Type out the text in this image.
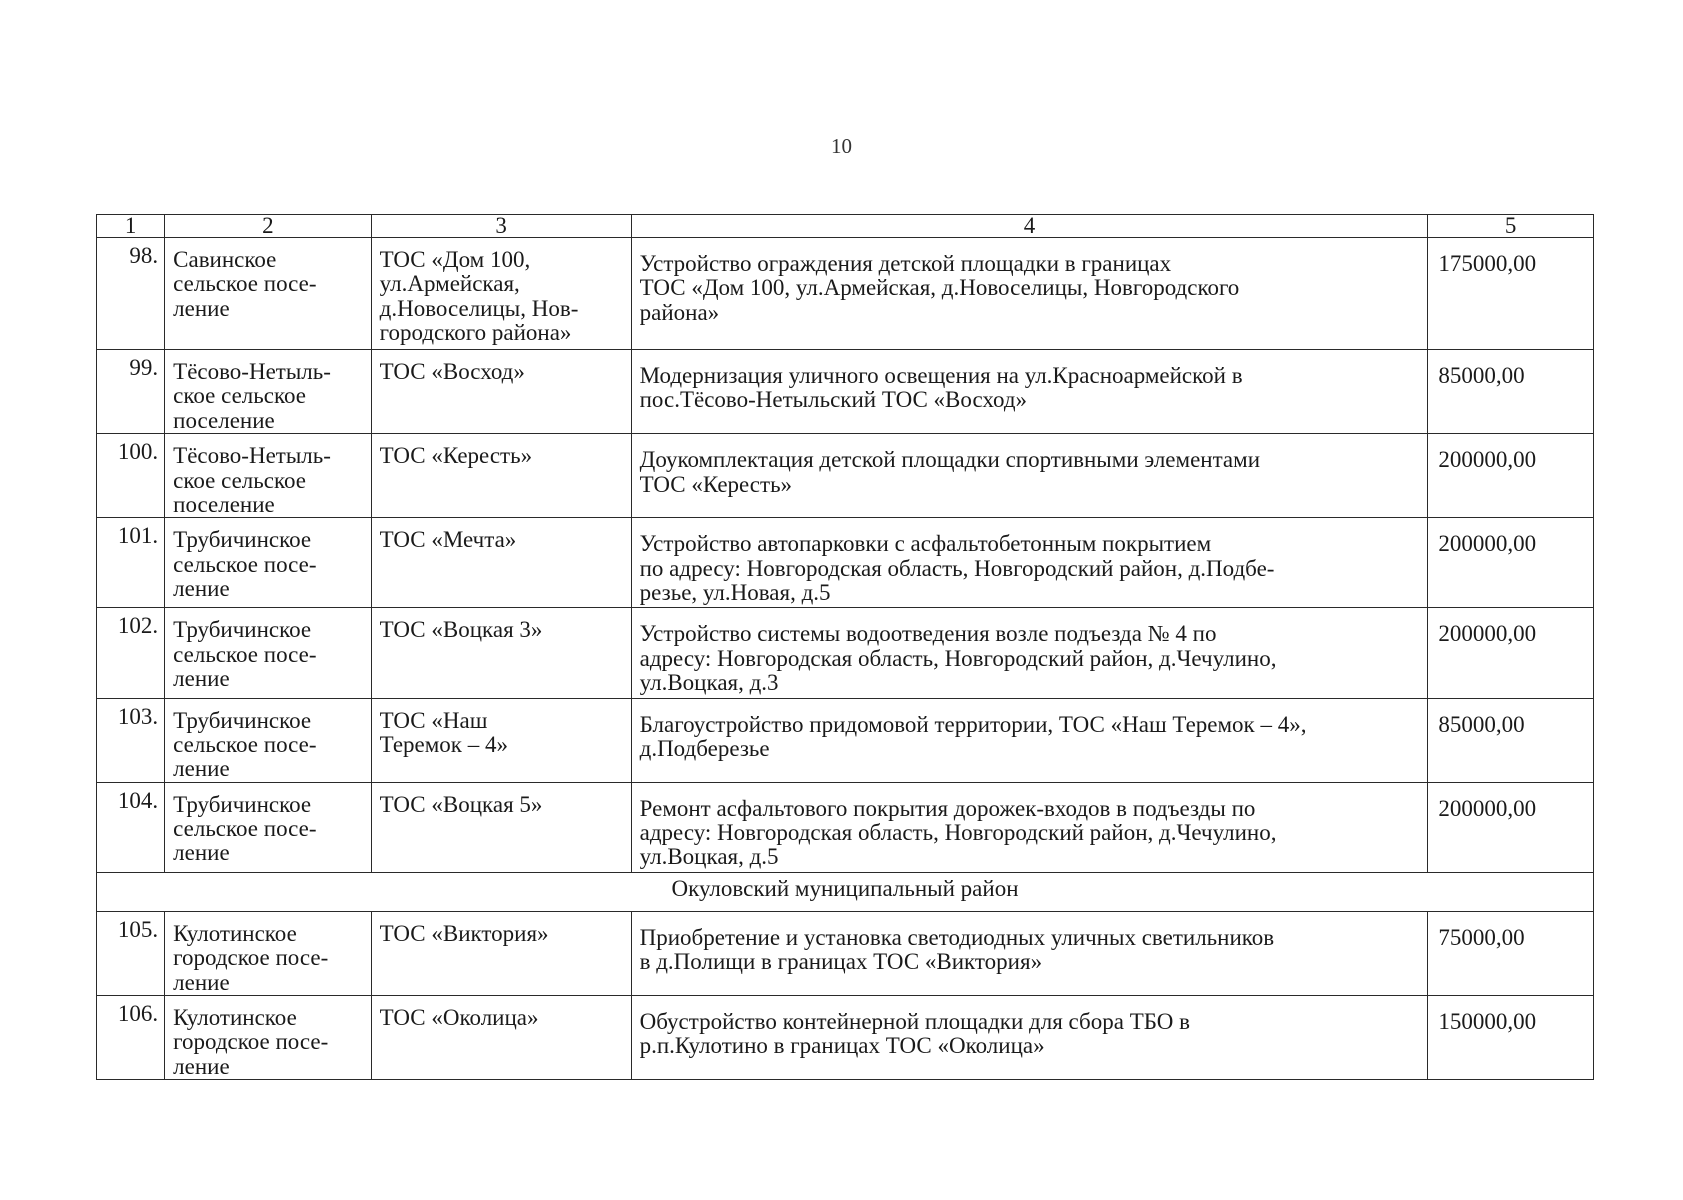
10
1	2	3	4	5

98.	Савинское
сельское посе-
ление	ТОС «Дом 100,
ул.Армейская,
д.Новоселицы, Нов-
городского района»	Устройство ограждения детской площадки в границах
ТОС «Дом 100, ул.Армейская, д.Новоселицы, Новгородского
района»	175000,00

99.	Тёсово-Нетыль-
ское сельское
поселение	ТОС «Восход»	Модернизация уличного освещения на ул.Красноармейской в
пос.Тёсово-Нетыльский ТОС «Восход»	85000,00

100.	Тёсово-Нетыль-
ское сельское
поселение	ТОС «Кересть»	Доукомплектация детской площадки спортивными элементами
ТОС «Кересть»	200000,00

101.	Трубичинское
сельское посе-
ление	ТОС «Мечта»	Устройство автопарковки с асфальтобетонным покрытием
по адресу: Новгородская область, Новгородский район, д.Подбе-
резье, ул.Новая, д.5	200000,00

102.	Трубичинское
сельское посе-
ление	ТОС «Воцкая 3»	Устройство системы водоотведения возле подъезда № 4 по
адресу: Новгородская область, Новгородский район, д.Чечулино,
ул.Воцкая, д.3	200000,00

103.	Трубичинское
сельское посе-
ление	ТОС «Наш
Теремок – 4»	Благоустройство придомовой территории, ТОС «Наш Теремок – 4»,
д.Подберезье	85000,00

104.	Трубичинское
сельское посе-
ление	ТОС «Воцкая 5»	Ремонт асфальтового покрытия дорожек-входов в подъезды по
адресу: Новгородская область, Новгородский район, д.Чечулино,
ул.Воцкая, д.5	200000,00

Окуловский муниципальный район				

105.	Кулотинское
городское посе-
ление	ТОС «Виктория»	Приобретение и установка светодиодных уличных светильников
в д.Полищи в границах ТОС «Виктория»	75000,00

106.	Кулотинское
городское посе-
ление	ТОС «Околица»	Обустройство контейнерной площадки для сбора ТБО в
р.п.Кулотино в границах ТОС «Околица»	150000,00
